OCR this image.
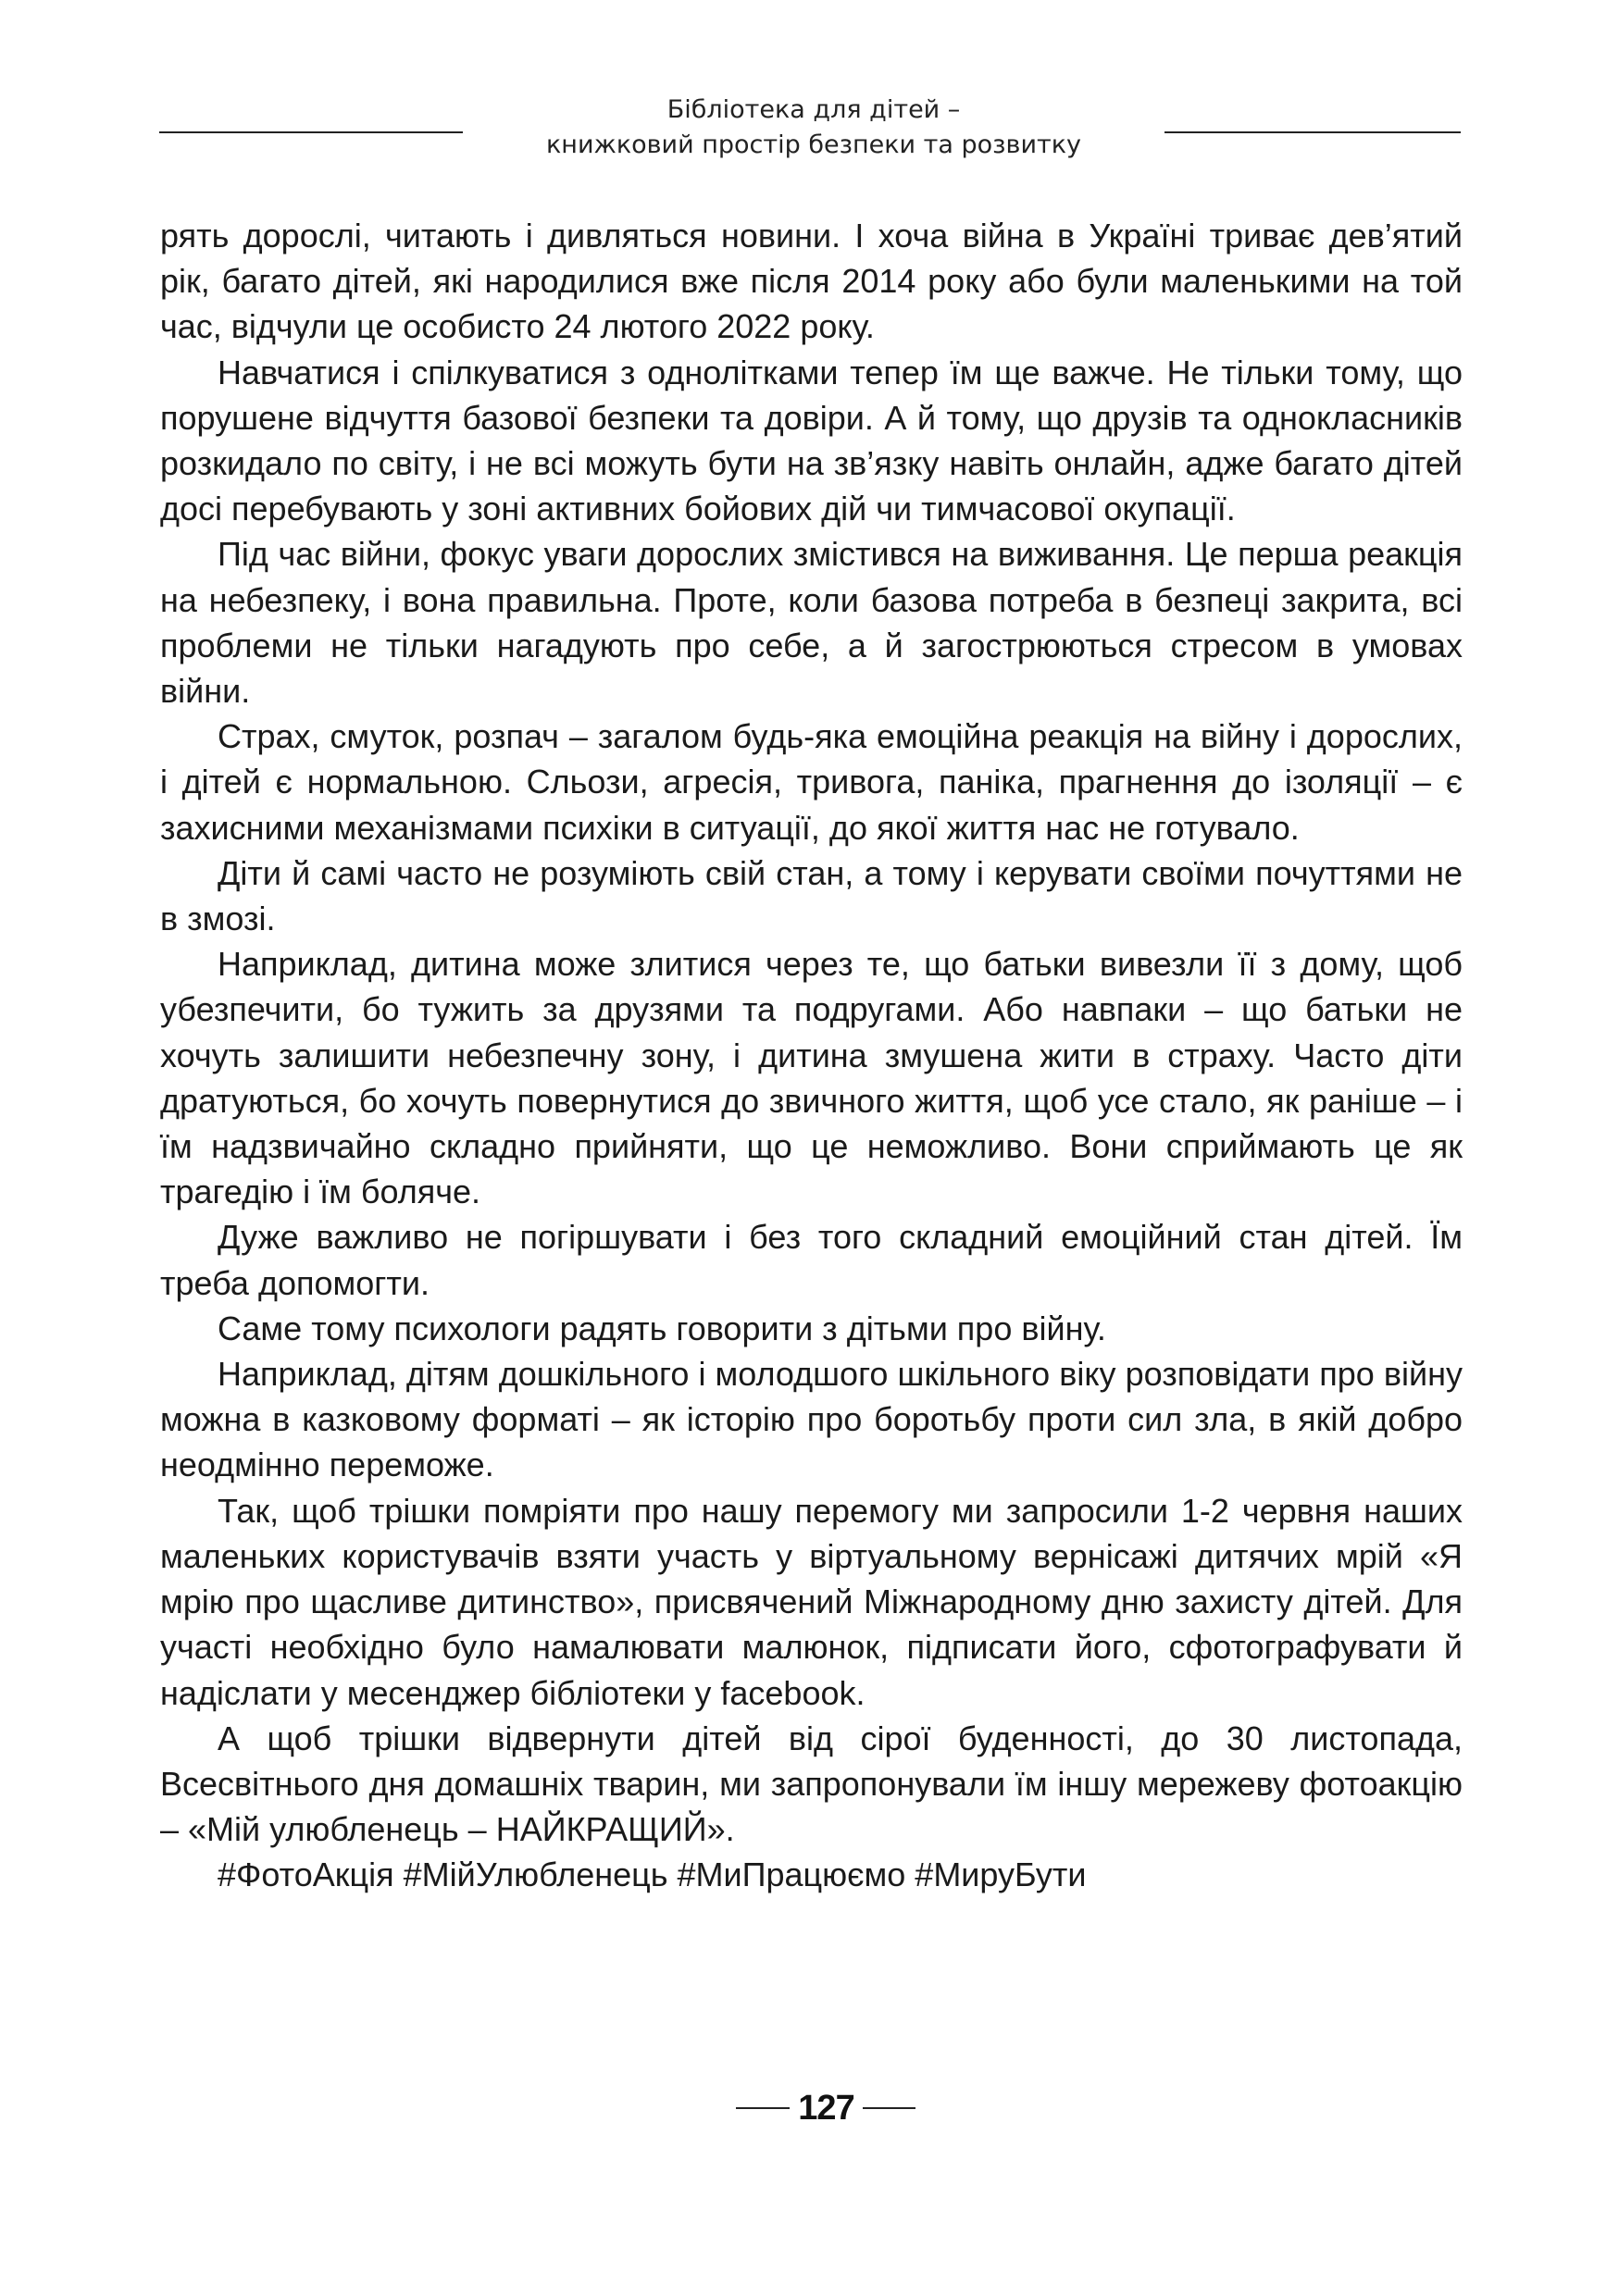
Бібліотека для дітей –
книжковий простір безпеки та розвитку

рять дорослі, читають і дивляться новини. І хоча війна в Україні триває дев’ятий рік, багато дітей, які народилися вже після 2014 року або були маленькими на той час, відчули це особисто 24 лютого 2022 року.

Навчатися і спілкуватися з однолітками тепер їм ще важче. Не тільки тому, що порушене відчуття базової безпеки та довіри. А й тому, що друзів та однокласників розкидало по світу, і не всі можуть бути на зв’язку навіть онлайн, адже багато дітей досі перебувають у зоні активних бойових дій чи тимчасової окупації.

Під час війни, фокус уваги дорослих змістився на виживання. Це перша реакція на небезпеку, і вона правильна. Проте, коли базова потреба в безпеці закрита, всі проблеми не тільки нагадують про себе, а й загострюються стресом в умовах війни.

Страх, смуток, розпач – загалом будь-яка емоційна реакція на війну і дорослих, і дітей є нормальною. Сльози, агресія, тривога, паніка, прагнення до ізоляції – є захисними механізмами психіки в ситуації, до якої життя нас не готувало.

Діти й самі часто не розуміють свій стан, а тому і керувати своїми почуттями не в змозі.

Наприклад, дитина може злитися через те, що батьки вивезли її з дому, щоб убезпечити, бо тужить за друзями та подругами. Або навпаки – що батьки не хочуть залишити небезпечну зону, і дитина змушена жити в страху. Часто діти дратуються, бо хочуть повернутися до звичного життя, щоб усе стало, як раніше – і їм надзвичайно складно прийняти, що це неможливо. Вони сприймають це як трагедію і їм боляче.

Дуже важливо не погіршувати і без того складний емоційний стан дітей. Їм треба допомогти.

Саме тому психологи радять говорити з дітьми про війну.

Наприклад, дітям дошкільного і молодшого шкільного віку розповідати про війну можна в казковому форматі – як історію про боротьбу проти сил зла, в якій добро неодмінно переможе.

Так, щоб трішки помріяти про нашу перемогу ми запросили 1-2 червня наших маленьких користувачів взяти участь у віртуальному вернісажі дитячих мрій «Я мрію про щасливе дитинство», присвячений Міжнародному дню захисту дітей. Для участі необхідно було намалювати малюнок, підписати його, сфотографувати й надіслати у месенджер бібліотеки у facebook.

А щоб трішки відвернути дітей від сірої буденності, до 30 листопада, Всесвітнього дня домашніх тварин, ми запропонували їм іншу мережеву фотоакцію – «Мій улюбленець – НАЙКРАЩИЙ».

#ФотоАкція #МійУлюбленець #МиПрацюємо #МируБути

127
